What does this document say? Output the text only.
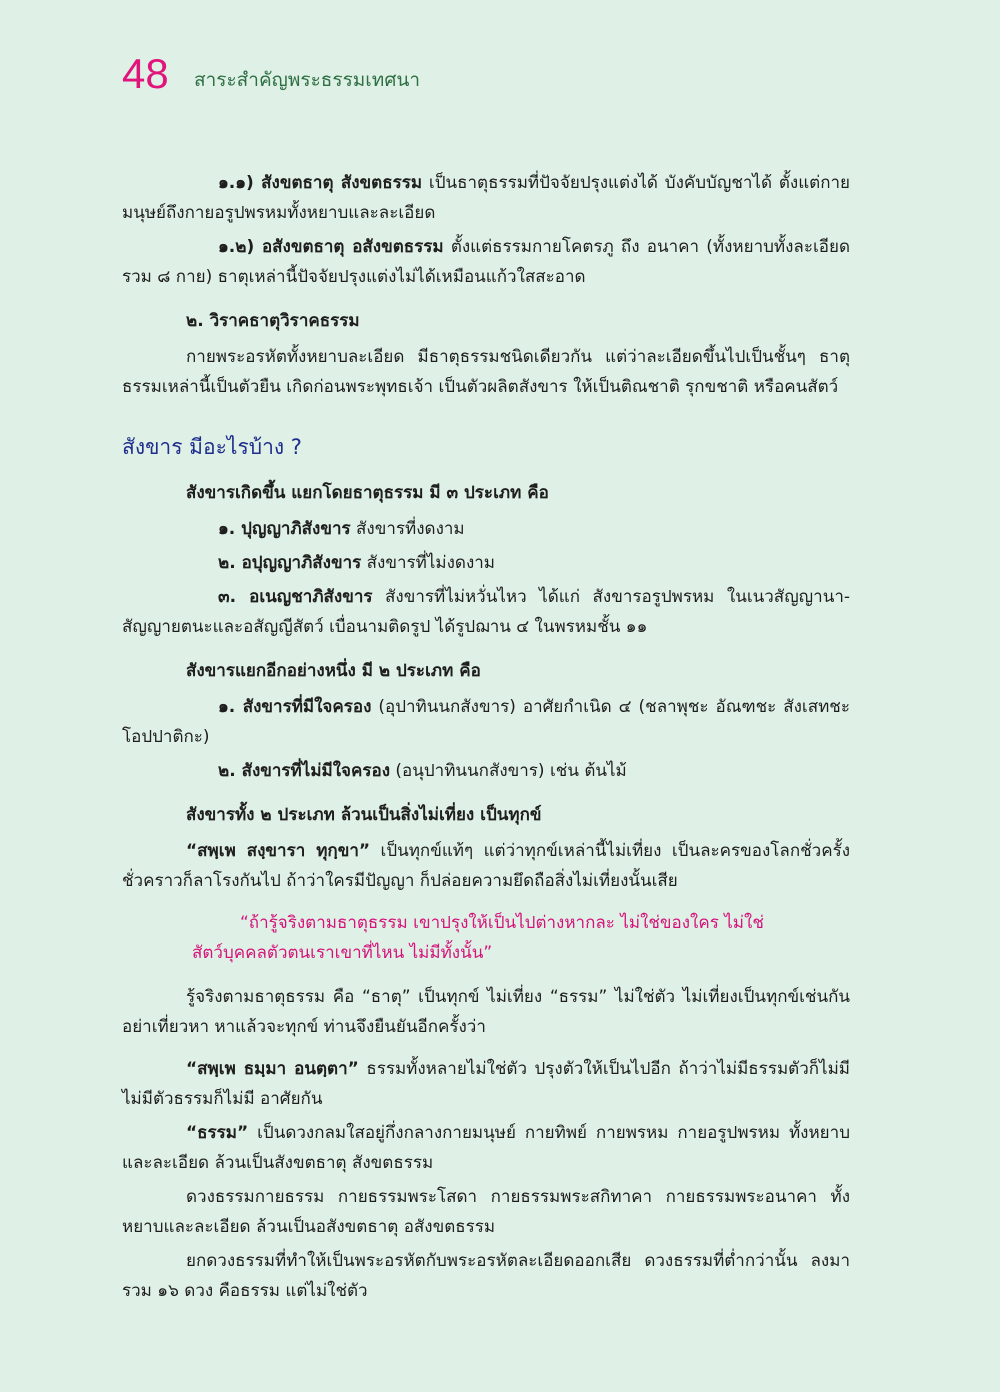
48 สาระสำคัญพระธรรมเทศนา

๑.๑) สังขตธาตุ สังขตธรรม เป็นธาตุธรรมที่ปัจจัยปรุงแต่งได้ บังคับบัญชาได้ ตั้งแต่กายมนุษย์ถึงกายอรูปพรหมทั้งหยาบและละเอียด

๑.๒) อสังขตธาตุ อสังขตธรรม ตั้งแต่ธรรมกายโคตรภู ถึง อนาคา (ทั้งหยาบทั้งละเอียด รวม ๘ กาย) ธาตุเหล่านี้ปัจจัยปรุงแต่งไม่ได้เหมือนแก้วใสสะอาด

๒. วิราคธาตุวิราคธรรม

กายพระอรหัตทั้งหยาบละเอียด มีธาตุธรรมชนิดเดียวกัน แต่ว่าละเอียดขึ้นไปเป็นชั้นๆ ธาตุธรรมเหล่านี้เป็นตัวยืน เกิดก่อนพระพุทธเจ้า เป็นตัวผลิตสังขาร ให้เป็นติณชาติ รุกขชาติ หรือคนสัตว์

สังขาร มีอะไรบ้าง ?
สังขารเกิดขึ้น แยกโดยธาตุธรรม มี ๓ ประเภท คือ

๑. ปุญญาภิสังขาร สังขารที่งดงาม

๒. อปุญญาภิสังขาร สังขารที่ไม่งดงาม

๓. อเนญชาภิสังขาร สังขารที่ไม่หวั่นไหว ได้แก่ สังขารอรูปพรหม ในเนวสัญญานา-สัญญายตนะและอสัญญีสัตว์ เบื่อนามติดรูป ได้รูปฌาน ๔ ในพรหมชั้น ๑๑

สังขารแยกอีกอย่างหนึ่ง มี ๒ ประเภท คือ

๑. สังขารที่มีใจครอง (อุปาทินนกสังขาร) อาศัยกำเนิด ๔ (ชลาพุชะ อัณฑชะ สังเสทชะ โอปปาติกะ)

๒. สังขารที่ไม่มีใจครอง (อนุปาทินนกสังขาร) เช่น ต้นไม้

สังขารทั้ง ๒ ประเภท ล้วนเป็นสิ่งไม่เที่ยง เป็นทุกข์

“สพฺเพ สงฺขารา ทุกฺขา” เป็นทุกข์แท้ๆ แต่ว่าทุกข์เหล่านี้ไม่เที่ยง เป็นละครของโลกชั่วครั้งชั่วคราวก็ลาโรงกันไป ถ้าว่าใครมีปัญญา ก็ปล่อยความยึดถือสิ่งไม่เที่ยงนั้นเสีย

“ถ้ารู้จริงตามธาตุธรรม เขาปรุงให้เป็นไปต่างหากละ ไม่ใช่ของใคร ไม่ใช่
สัตว์บุคคลตัวตนเราเขาที่ไหน ไม่มีทั้งนั้น”

รู้จริงตามธาตุธรรม คือ “ธาตุ” เป็นทุกข์ ไม่เที่ยง “ธรรม” ไม่ใช่ตัว ไม่เที่ยงเป็นทุกข์เช่นกัน อย่าเที่ยวหา หาแล้วจะทุกข์ ท่านจึงยืนยันอีกครั้งว่า

“สพฺเพ ธมฺมา อนตฺตา” ธรรมทั้งหลายไม่ใช่ตัว ปรุงตัวให้เป็นไปอีก ถ้าว่าไม่มีธรรมตัวก็ไม่มี ไม่มีตัวธรรมก็ไม่มี อาศัยกัน

“ธรรม” เป็นดวงกลมใสอยู่กึ่งกลางกายมนุษย์ กายทิพย์ กายพรหม กายอรูปพรหม ทั้งหยาบและละเอียด ล้วนเป็นสังขตธาตุ สังขตธรรม

ดวงธรรมกายธรรม กายธรรมพระโสดา กายธรรมพระสกิทาคา กายธรรมพระอนาคา ทั้งหยาบและละเอียด ล้วนเป็นอสังขตธาตุ อสังขตธรรม

ยกดวงธรรมที่ทำให้เป็นพระอรหัตกับพระอรหัตละเอียดออกเสีย ดวงธรรมที่ต่ำกว่านั้น ลงมารวม ๑๖ ดวง คือธรรม แต่ไม่ใช่ตัว
